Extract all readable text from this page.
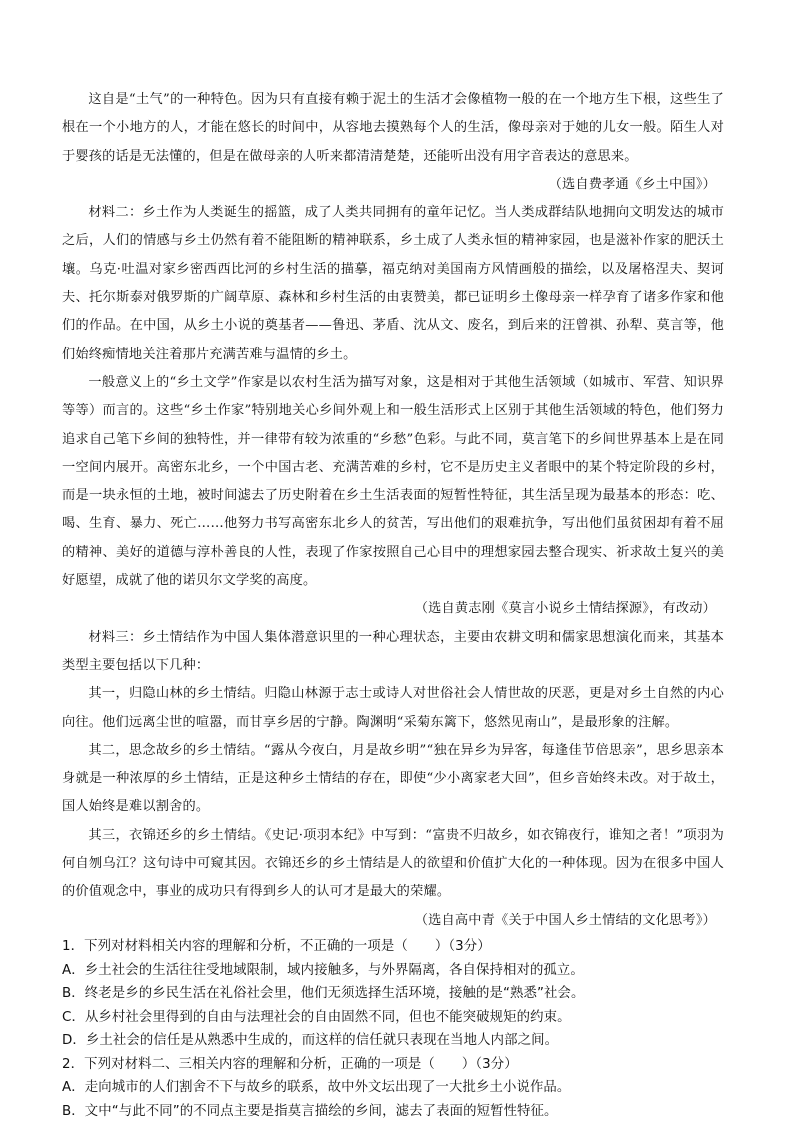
这自是“土气”的一种特色。因为只有直接有赖于泥土的生活才会像植物一般的在一个地方生下根，这些生了根在一个小地方的人，才能在悠长的时间中，从容地去摸熟每个人的生活，像母亲对于她的儿女一般。陌生人对于婴孩的话是无法懂的，但是在做母亲的人听来都清清楚楚，还能听出没有用字音表达的意思来。

（选自费孝通《乡土中国》）

材料二：乡土作为人类诞生的摇篮，成了人类共同拥有的童年记忆。当人类成群结队地拥向文明发达的城市之后，人们的情感与乡土仍然有着不能阻断的精神联系，乡土成了人类永恒的精神家园，也是滋补作家的肥沃土壤。乌克·吐温对家乡密西西比河的乡村生活的描摹，福克纳对美国南方风情画般的描绘，以及屠格涅夫、契诃夫、托尔斯泰对俄罗斯的广阔草原、森林和乡村生活的由衷赞美，都已证明乡土像母亲一样孕育了诸多作家和他们的作品。在中国，从乡土小说的奠基者——鲁迅、茅盾、沈从文、废名，到后来的汪曾祺、孙犁、莫言等，他们始终痴情地关注着那片充满苦难与温情的乡土。

一般意义上的“乡土文学”作家是以农村生活为描写对象，这是相对于其他生活领域（如城市、军营、知识界等等）而言的。这些“乡土作家”特别地关心乡间外观上和一般生活形式上区别于其他生活领域的特色，他们努力追求自己笔下乡间的独特性，并一律带有较为浓重的“乡愁”色彩。与此不同，莫言笔下的乡间世界基本上是在同一空间内展开。高密东北乡，一个中国古老、充满苦难的乡村，它不是历史主义者眼中的某个特定阶段的乡村，而是一块永恒的土地，被时间滤去了历史附着在乡土生活表面的短暂性特征，其生活呈现为最基本的形态：吃、喝、生育、暴力、死亡……他努力书写高密东北乡人的贫苦，写出他们的艰难抗争，写出他们虽贫困却有着不屈的精神、美好的道德与淳朴善良的人性，表现了作家按照自己心目中的理想家园去整合现实、祈求故土复兴的美好愿望，成就了他的诺贝尔文学奖的高度。

（选自黄志刚《莫言小说乡土情结探源》，有改动）

材料三：乡土情结作为中国人集体潜意识里的一种心理状态，主要由农耕文明和儒家思想演化而来，其基本类型主要包括以下几种：

其一，归隐山林的乡土情结。归隐山林源于志士或诗人对世俗社会人情世故的厌恶，更是对乡土自然的内心向往。他们远离尘世的喧嚣，而甘享乡居的宁静。陶渊明“采菊东篱下，悠然见南山”，是最形象的注解。

其二，思念故乡的乡土情结。“露从今夜白，月是故乡明”“独在异乡为异客，每逢佳节倍思亲”，思乡思亲本身就是一种浓厚的乡土情结，正是这种乡土情结的存在，即使“少小离家老大回”，但乡音始终未改。对于故土，国人始终是难以割舍的。

其三，衣锦还乡的乡土情结。《史记·项羽本纪》中写到：“富贵不归故乡，如衣锦夜行，谁知之者！”项羽为何自刎乌江？这句诗中可窥其因。衣锦还乡的乡土情结是人的欲望和价值扩大化的一种体现。因为在很多中国人的价值观念中，事业的成功只有得到乡人的认可才是最大的荣耀。

（选自高中青《关于中国人乡土情结的文化思考》）

1．下列对材料相关内容的理解和分析，不正确的一项是（　　）（3分）

A．乡土社会的生活往往受地域限制，域内接触多，与外界隔离，各自保持相对的孤立。

B．终老是乡的乡民生活在礼俗社会里，他们无须选择生活环境，接触的是“熟悉”社会。

C．从乡村社会里得到的自由与法理社会的自由固然不同，但也不能突破规矩的约束。

D．乡土社会的信任是从熟悉中生成的，而这样的信任就只表现在当地人内部之间。

2．下列对材料二、三相关内容的理解和分析，正确的一项是（　　）（3分）

A．走向城市的人们割舍不下与故乡的联系，故中外文坛出现了一大批乡土小说作品。

B．文中“与此不同”的不同点主要是指莫言描绘的乡间，滤去了表面的短暂性特征。
